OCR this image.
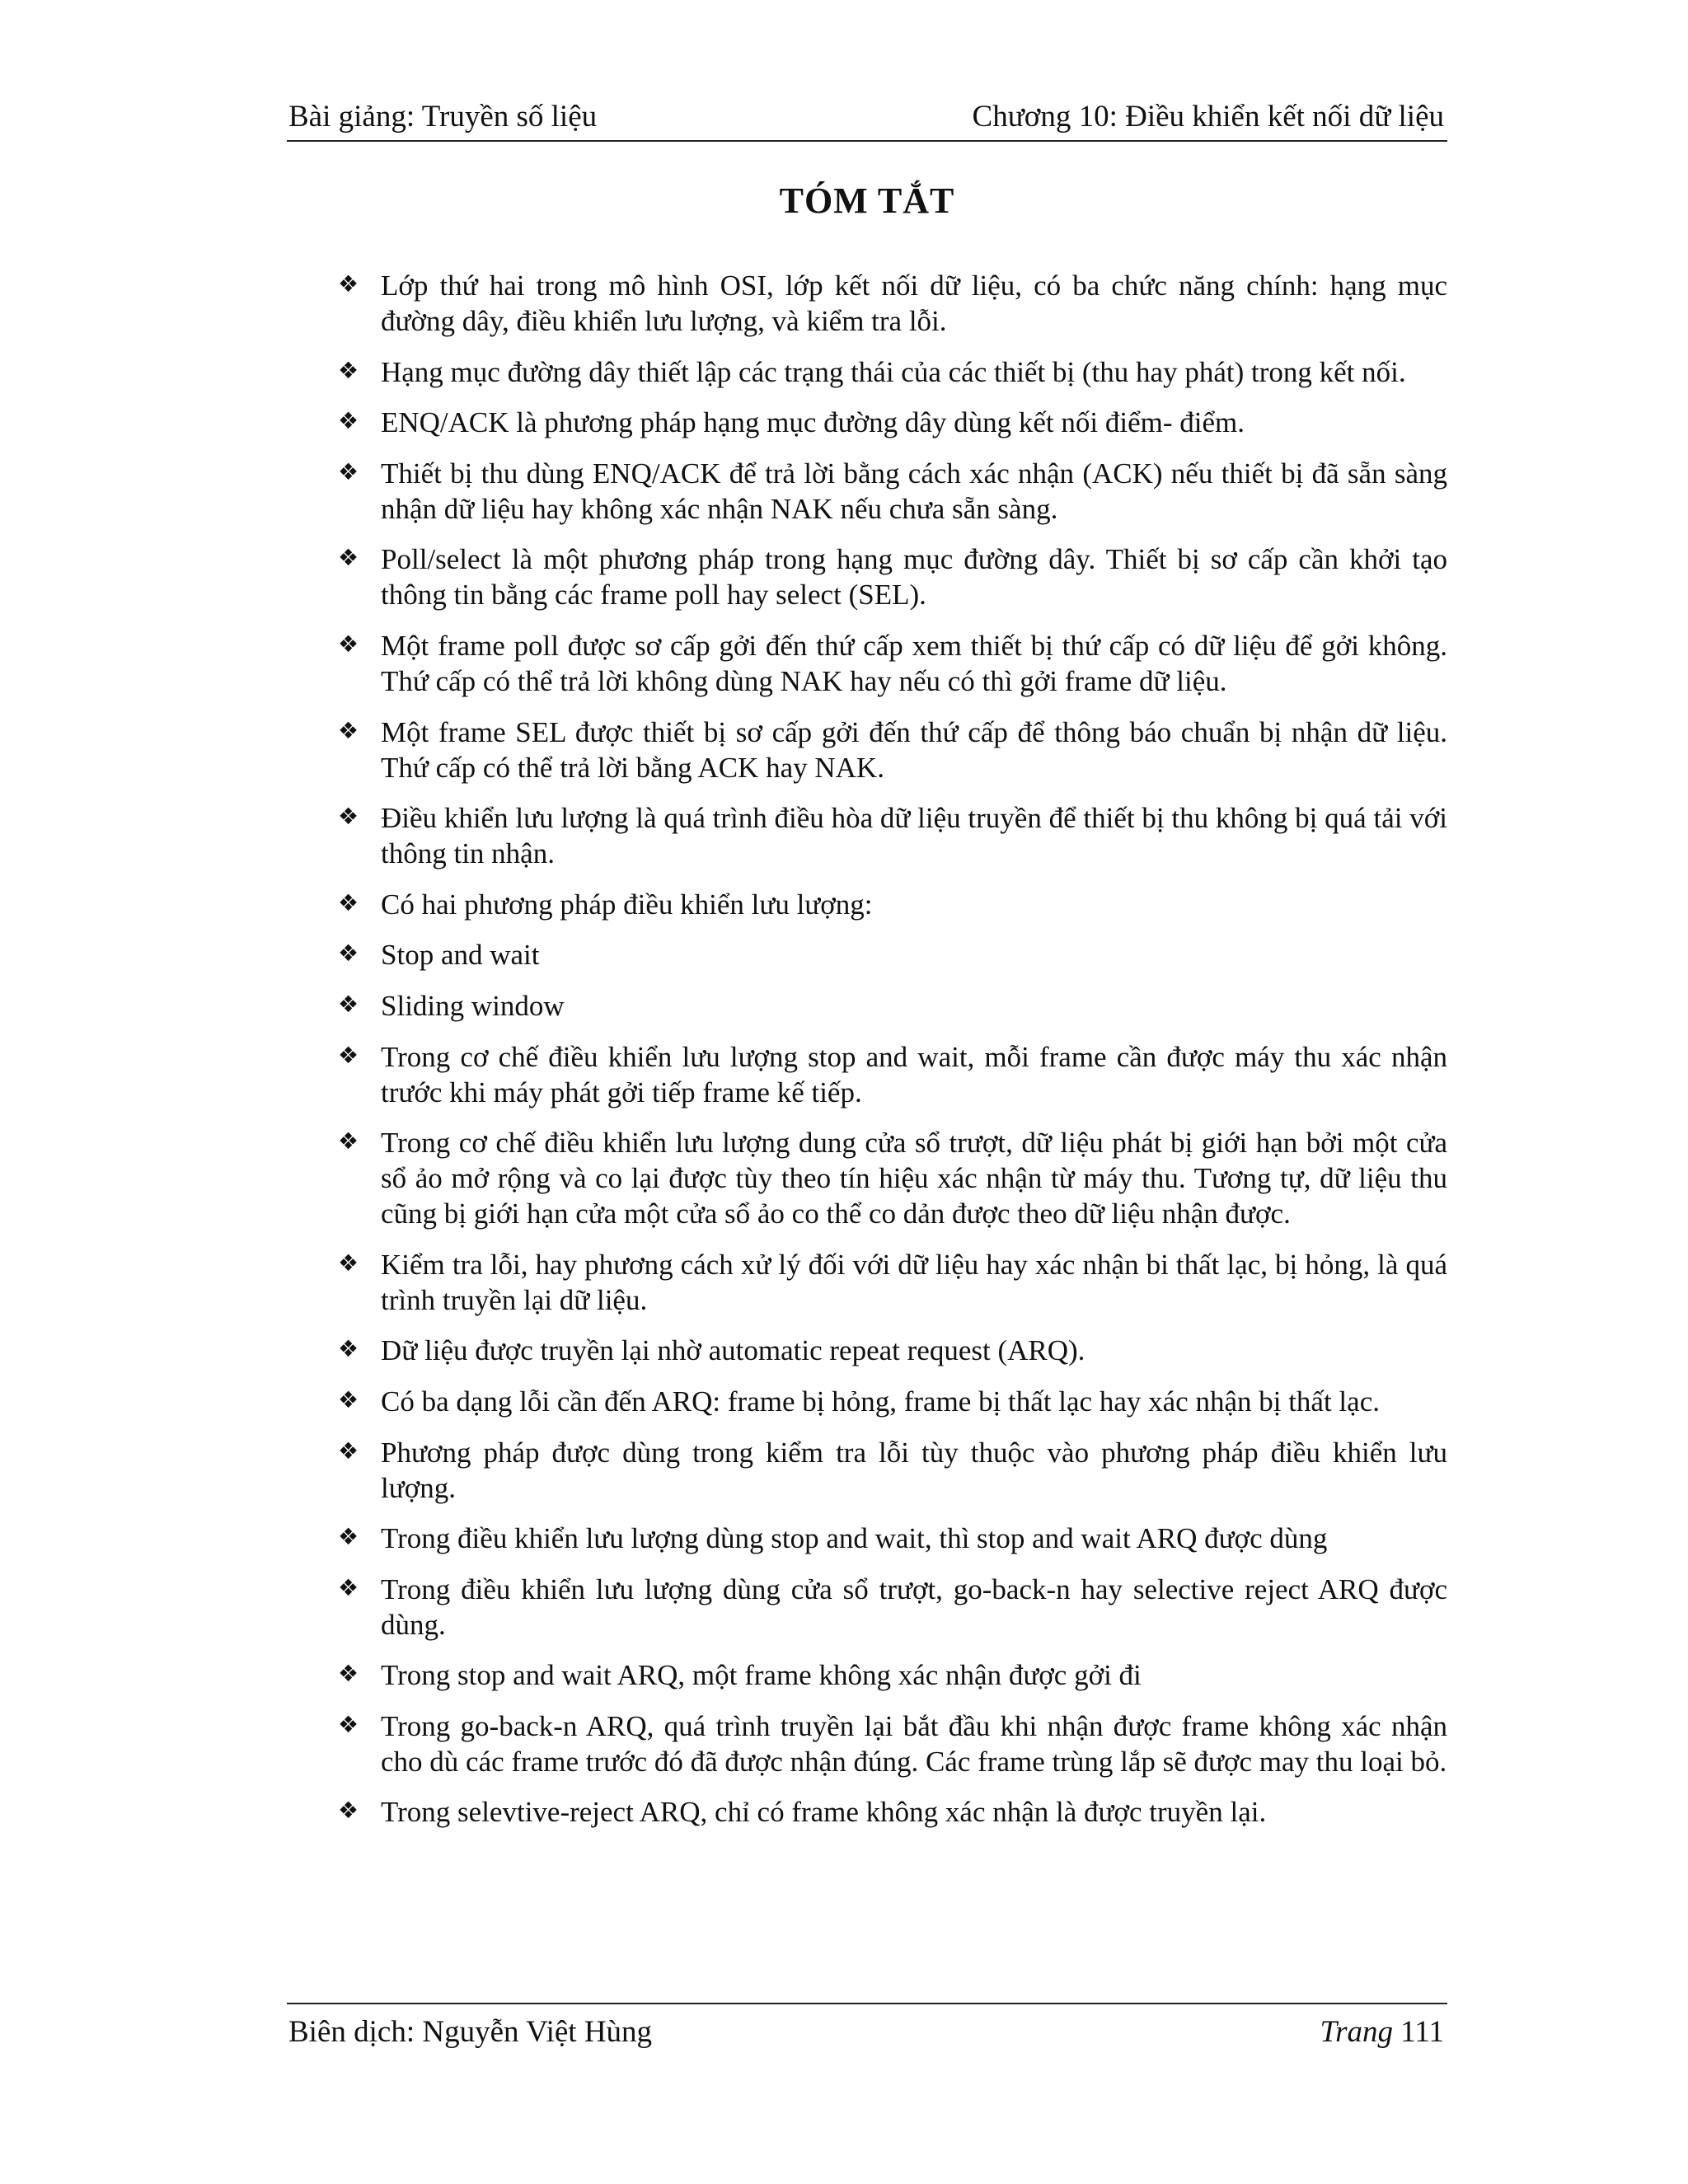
Bài giảng: Truyền số liệu	Chương 10: Điều khiển kết nối dữ liệu
TÓM TẮT
❖ Lớp thứ hai trong mô hình OSI, lớp kết nối dữ liệu, có ba chức năng chính: hạng mục đường dây, điều khiển lưu lượng, và kiểm tra lỗi.
❖ Hạng mục đường dây thiết lập các trạng thái của các thiết bị (thu hay phát) trong kết nối.
❖ ENQ/ACK là phương pháp hạng mục đường dây dùng kết nối điểm- điểm.
❖ Thiết bị thu dùng ENQ/ACK để trả lời bằng cách xác nhận (ACK) nếu thiết bị đã sẵn sàng nhận dữ liệu hay không xác nhận NAK nếu chưa sẵn sàng.
❖ Poll/select là một phương pháp trong hạng mục đường dây. Thiết bị sơ cấp cần khởi tạo thông tin bằng các frame poll hay select (SEL).
❖ Một frame poll được sơ cấp gởi đến thứ cấp xem thiết bị thứ cấp có dữ liệu để gởi không. Thứ cấp có thể trả lời không dùng NAK hay nếu có thì gởi frame dữ liệu.
❖ Một frame SEL được thiết bị sơ cấp gởi đến thứ cấp để thông báo chuẩn bị nhận dữ liệu. Thứ cấp có thể trả lời bằng ACK hay NAK.
❖ Điều khiển lưu lượng là quá trình điều hòa dữ liệu truyền để thiết bị thu không bị quá tải với thông tin nhận.
❖ Có hai phương pháp điều khiển lưu lượng:
❖ Stop and wait
❖ Sliding window
❖ Trong cơ chế điều khiển lưu lượng stop and wait, mỗi frame cần được máy thu xác nhận trước khi máy phát gởi tiếp frame kế tiếp.
❖ Trong cơ chế điều khiển lưu lượng dung cửa sổ trượt, dữ liệu phát bị giới hạn bởi một cửa sổ ảo mở rộng và co lại được tùy theo tín hiệu xác nhận từ máy thu. Tương tự, dữ liệu thu cũng bị giới hạn cửa một cửa sổ ảo co thể co dản được theo dữ liệu nhận được.
❖ Kiểm tra lỗi, hay phương cách xử lý đối với dữ liệu hay xác nhận bi thất lạc, bị hỏng, là quá trình truyền lại dữ liệu.
❖ Dữ liệu được truyền lại nhờ automatic repeat request (ARQ).
❖ Có ba dạng lỗi cần đến ARQ: frame bị hỏng, frame bị thất lạc hay xác nhận bị thất lạc.
❖ Phương pháp được dùng trong kiểm tra lỗi tùy thuộc vào phương pháp điều khiển lưu lượng.
❖ Trong điều khiển lưu lượng dùng stop and wait, thì stop and wait ARQ được dùng
❖ Trong điều khiển lưu lượng dùng cửa sổ trượt, go-back-n hay selective reject ARQ được dùng.
❖ Trong stop and wait ARQ, một frame không xác nhận được gởi đi
❖ Trong go-back-n ARQ, quá trình truyền lại bắt đầu khi nhận được frame không xác nhận cho dù các frame trước đó đã được nhận đúng. Các frame trùng lắp sẽ được may thu loại bỏ.
❖ Trong selevtive-reject ARQ, chỉ có frame không xác nhận là được truyền lại.
Biên dịch: Nguyễn Việt Hùng	Trang 111
